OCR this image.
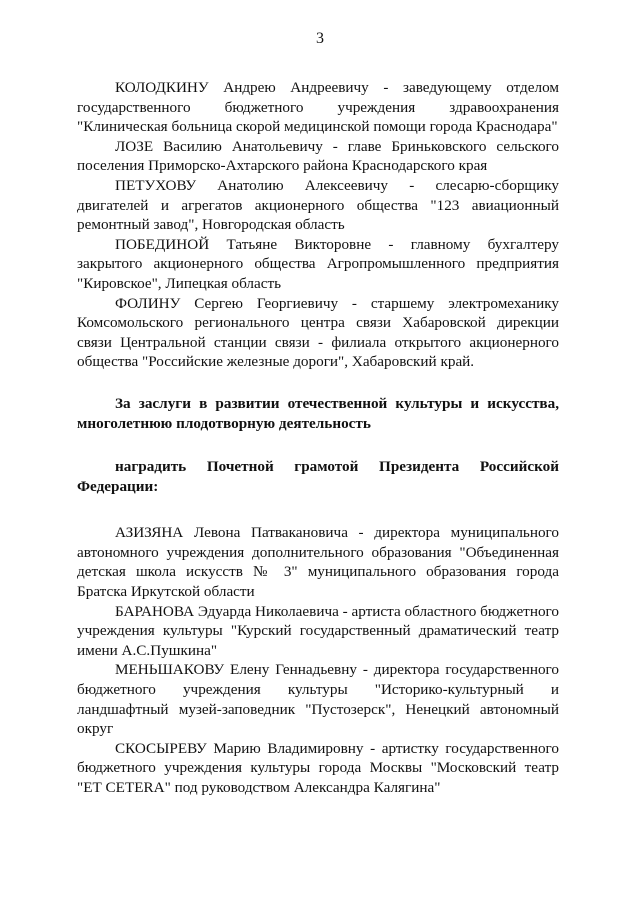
3

КОЛОДКИНУ Андрею Андреевичу - заведующему отделом государственного бюджетного учреждения здравоохранения "Клиническая больница скорой медицинской помощи города Краснодара"

ЛОЗЕ Василию Анатольевичу - главе Бриньковского сельского поселения Приморско-Ахтарского района Краснодарского края

ПЕТУХОВУ Анатолию Алексеевичу - слесарю-сборщику двигателей и агрегатов акционерного общества "123 авиационный ремонтный завод", Новгородская область

ПОБЕДИНОЙ Татьяне Викторовне - главному бухгалтеру закрытого акционерного общества Агропромышленного предприятия "Кировское", Липецкая область

ФОЛИНУ Сергею Георгиевичу - старшему электромеханику Комсомольского регионального центра связи Хабаровской дирекции связи Центральной станции связи - филиала открытого акционерного общества "Российские железные дороги", Хабаровский край.

За заслуги в развитии отечественной культуры и искусства, многолетнюю плодотворную деятельность

наградить Почетной грамотой Президента Российской Федерации:

АЗИЗЯНА Левона Патвакановича - директора муниципального автономного учреждения дополнительного образования "Объединенная детская школа искусств № 3" муниципального образования города Братска Иркутской области

БАРАНОВА Эдуарда Николаевича - артиста областного бюджетного учреждения культуры "Курский государственный драматический театр имени А.С.Пушкина"

МЕНЬШАКОВУ Елену Геннадьевну - директора государственного бюджетного учреждения культуры "Историко-культурный и ландшафтный музей-заповедник "Пустозерск", Ненецкий автономный округ

СКОСЫРЕВУ Марию Владимировну - артистку государственного бюджетного учреждения культуры города Москвы "Московский театр "ЕТ CETERA" под руководством Александра Калягина"
